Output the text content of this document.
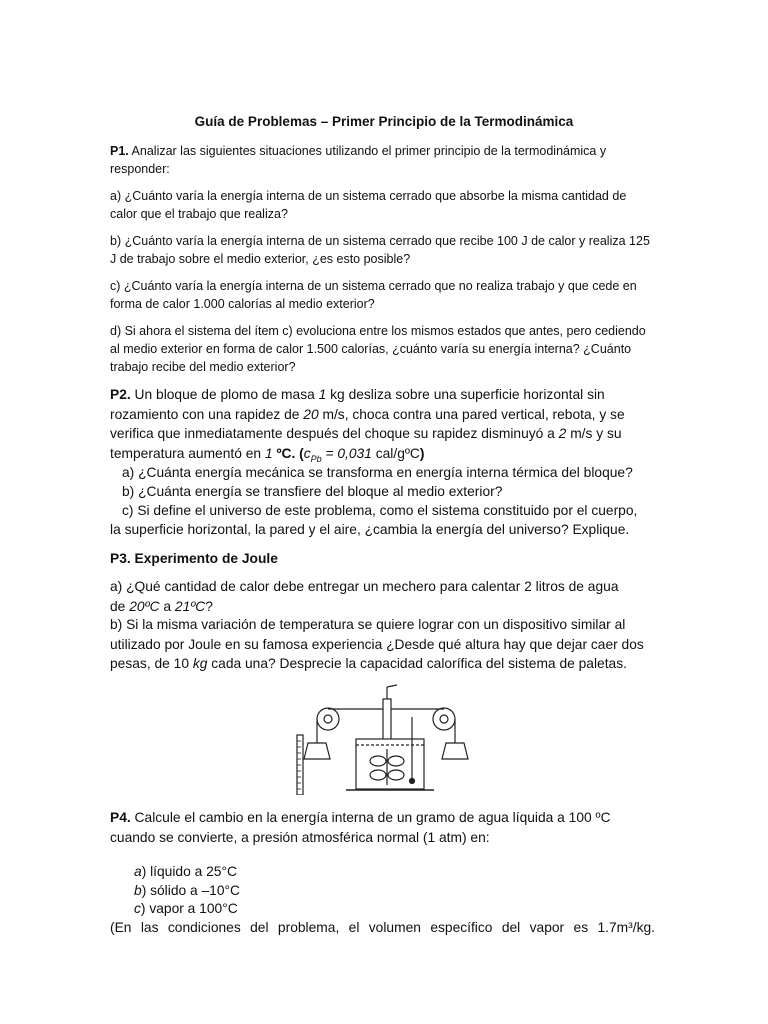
Guía de Problemas – Primer Principio de la Termodinámica
P1. Analizar las siguientes situaciones utilizando el primer principio de la termodinámica y responder:
a) ¿Cuánto varía la energía interna de un sistema cerrado que absorbe la misma cantidad de calor que el trabajo que realiza?
b) ¿Cuánto varía la energía interna de un sistema cerrado que recibe 100 J de calor y realiza 125 J de trabajo sobre el medio exterior, ¿es esto posible?
c) ¿Cuánto varía la energía interna de un sistema cerrado que no realiza trabajo y que cede en forma de calor 1.000 calorías al medio exterior?
d) Si ahora el sistema del ítem c) evoluciona entre los mismos estados que antes, pero cediendo al medio exterior en forma de calor 1.500 calorías, ¿cuánto varía su energía interna? ¿Cuánto trabajo recibe del medio exterior?
P2. Un bloque de plomo de masa 1 kg desliza sobre una superficie horizontal sin rozamiento con una rapidez de 20 m/s, choca contra una pared vertical, rebota, y se verifica que inmediatamente después del choque su rapidez disminuyó a 2 m/s y su temperatura aumentó en 1 ºC. ($c_{Pb} = 0,031$ cal/gºC)
a) ¿Cuánta energía mecánica se transforma en energía interna térmica del bloque?
b) ¿Cuánta energía se transfiere del bloque al medio exterior?
c) Si define el universo de este problema, como el sistema constituido por el cuerpo,
la superficie horizontal, la pared y el aire, ¿cambia la energía del universo? Explique.
P3. Experimento de Joule
a) ¿Qué cantidad de calor debe entregar un mechero para calentar 2 litros de agua
de 20ºC a 21ºC?
b) Si la misma variación de temperatura se quiere lograr con un dispositivo similar al utilizado por Joule en su famosa experiencia ¿Desde qué altura hay que dejar caer dos pesas, de 10 kg cada una? Desprecie la capacidad calorífica del sistema de paletas.
P4. Calcule el cambio en la energía interna de un gramo de agua líquida a 100 ºC cuando se convierte, a presión atmosférica normal (1 atm) en:
a) líquido a 25°C
b) sólido a –10°C
c) vapor a 100°C
(En las condiciones del problema, el volumen específico del vapor es 1.7m³/kg.
